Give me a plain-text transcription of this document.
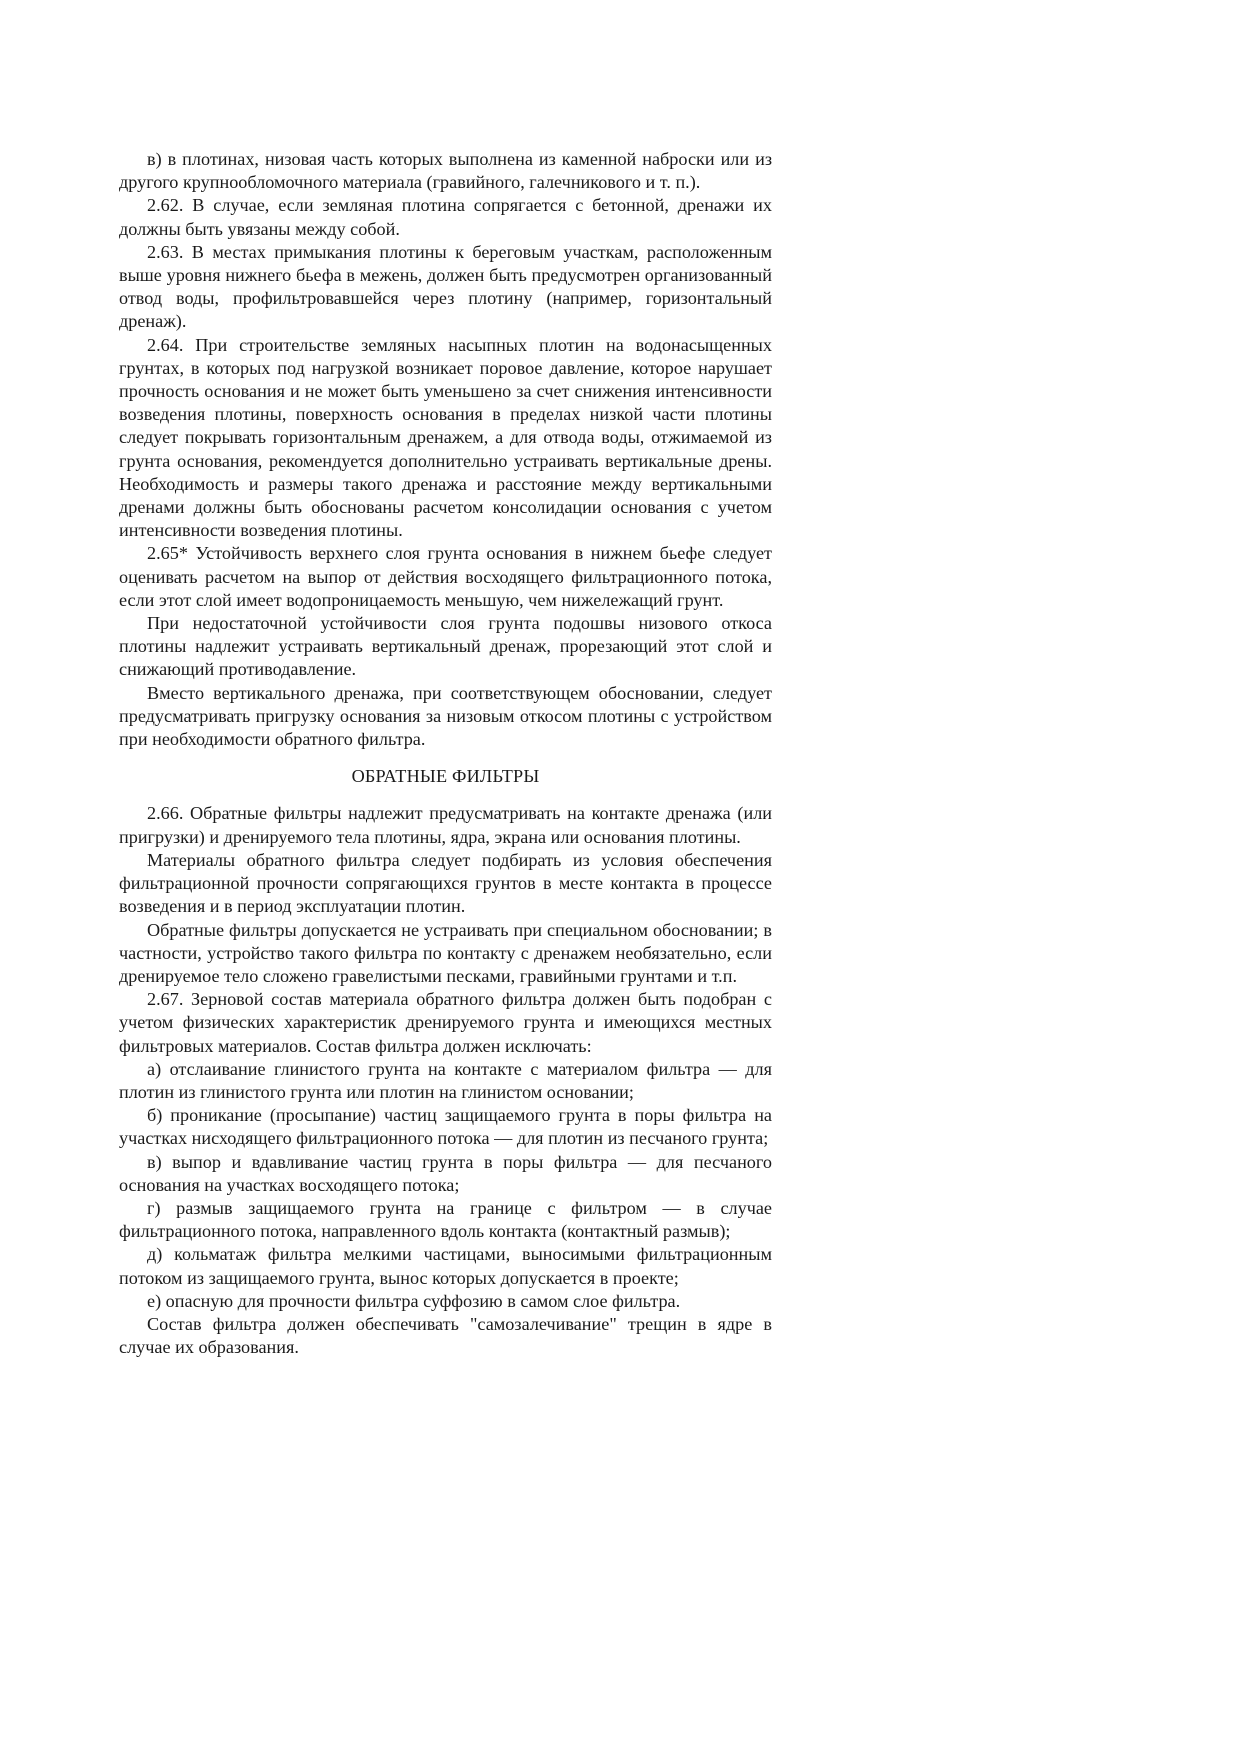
в) в плотинах, низовая часть которых выполнена из каменной наброски или из другого крупнообломочного материала (гравийного, галечникового и т. п.).

2.62. В случае, если земляная плотина сопрягается с бетонной, дренажи их должны быть увязаны между собой.

2.63. В местах примыкания плотины к береговым участкам, расположенным выше уровня нижнего бьефа в межень, должен быть предусмотрен организованный отвод воды, профильтровавшейся через плотину (например, горизонтальный дренаж).

2.64. При строительстве земляных насыпных плотин на водонасыщенных грунтах, в которых под нагрузкой возникает поровое давление, которое нарушает прочность основания и не может быть уменьшено за счет снижения интенсивности возведения плотины, поверхность основания в пределах низкой части плотины следует покрывать горизонтальным дренажем, а для отвода воды, отжимаемой из грунта основания, рекомендуется дополнительно устраивать вертикальные дрены. Необходимость и размеры такого дренажа и расстояние между вертикальными дренами должны быть обоснованы расчетом консолидации основания с учетом интенсивности возведения плотины.

2.65* Устойчивость верхнего слоя грунта основания в нижнем бьефе следует оценивать расчетом на выпор от действия восходящего фильтрационного потока, если этот слой имеет водопроницаемость меньшую, чем нижележащий грунт.

При недостаточной устойчивости слоя грунта подошвы низового откоса плотины надлежит устраивать вертикальный дренаж, прорезающий этот слой и снижающий противодавление.

Вместо вертикального дренажа, при соответствующем обосновании, следует предусматривать пригрузку основания за низовым откосом плотины с устройством при необходимости обратного фильтра.

ОБРАТНЫЕ ФИЛЬТРЫ

2.66. Обратные фильтры надлежит предусматривать на контакте дренажа (или пригрузки) и дренируемого тела плотины, ядра, экрана или основания плотины.

Материалы обратного фильтра следует подбирать из условия обеспечения фильтрационной прочности сопрягающихся грунтов в месте контакта в процессе возведения и в период эксплуатации плотин.

Обратные фильтры допускается не устраивать при специальном обосновании; в частности, устройство такого фильтра по контакту с дренажем необязательно, если дренируемое тело сложено гравелистыми песками, гравийными грунтами и т.п.

2.67. Зерновой состав материала обратного фильтра должен быть подобран с учетом физических характеристик дренируемого грунта и имеющихся местных фильтровых материалов. Состав фильтра должен исключать:

а) отслаивание глинистого грунта на контакте с материалом фильтра — для плотин из глинистого грунта или плотин на глинистом основании;

б) проникание (просыпание) частиц защищаемого грунта в поры фильтра на участках нисходящего фильтрационного потока — для плотин из песчаного грунта;

в) выпор и вдавливание частиц грунта в поры фильтра — для песчаного основания на участках восходящего потока;

г) размыв защищаемого грунта на границе с фильтром — в случае фильтрационного потока, направленного вдоль контакта (контактный размыв);

д) кольматаж фильтра мелкими частицами, выносимыми фильтрационным потоком из защищаемого грунта, вынос которых допускается в проекте;

е) опасную для прочности фильтра суффозию в самом слое фильтра.

Состав фильтра должен обеспечивать "самозалечивание" трещин в ядре в случае их образования.
